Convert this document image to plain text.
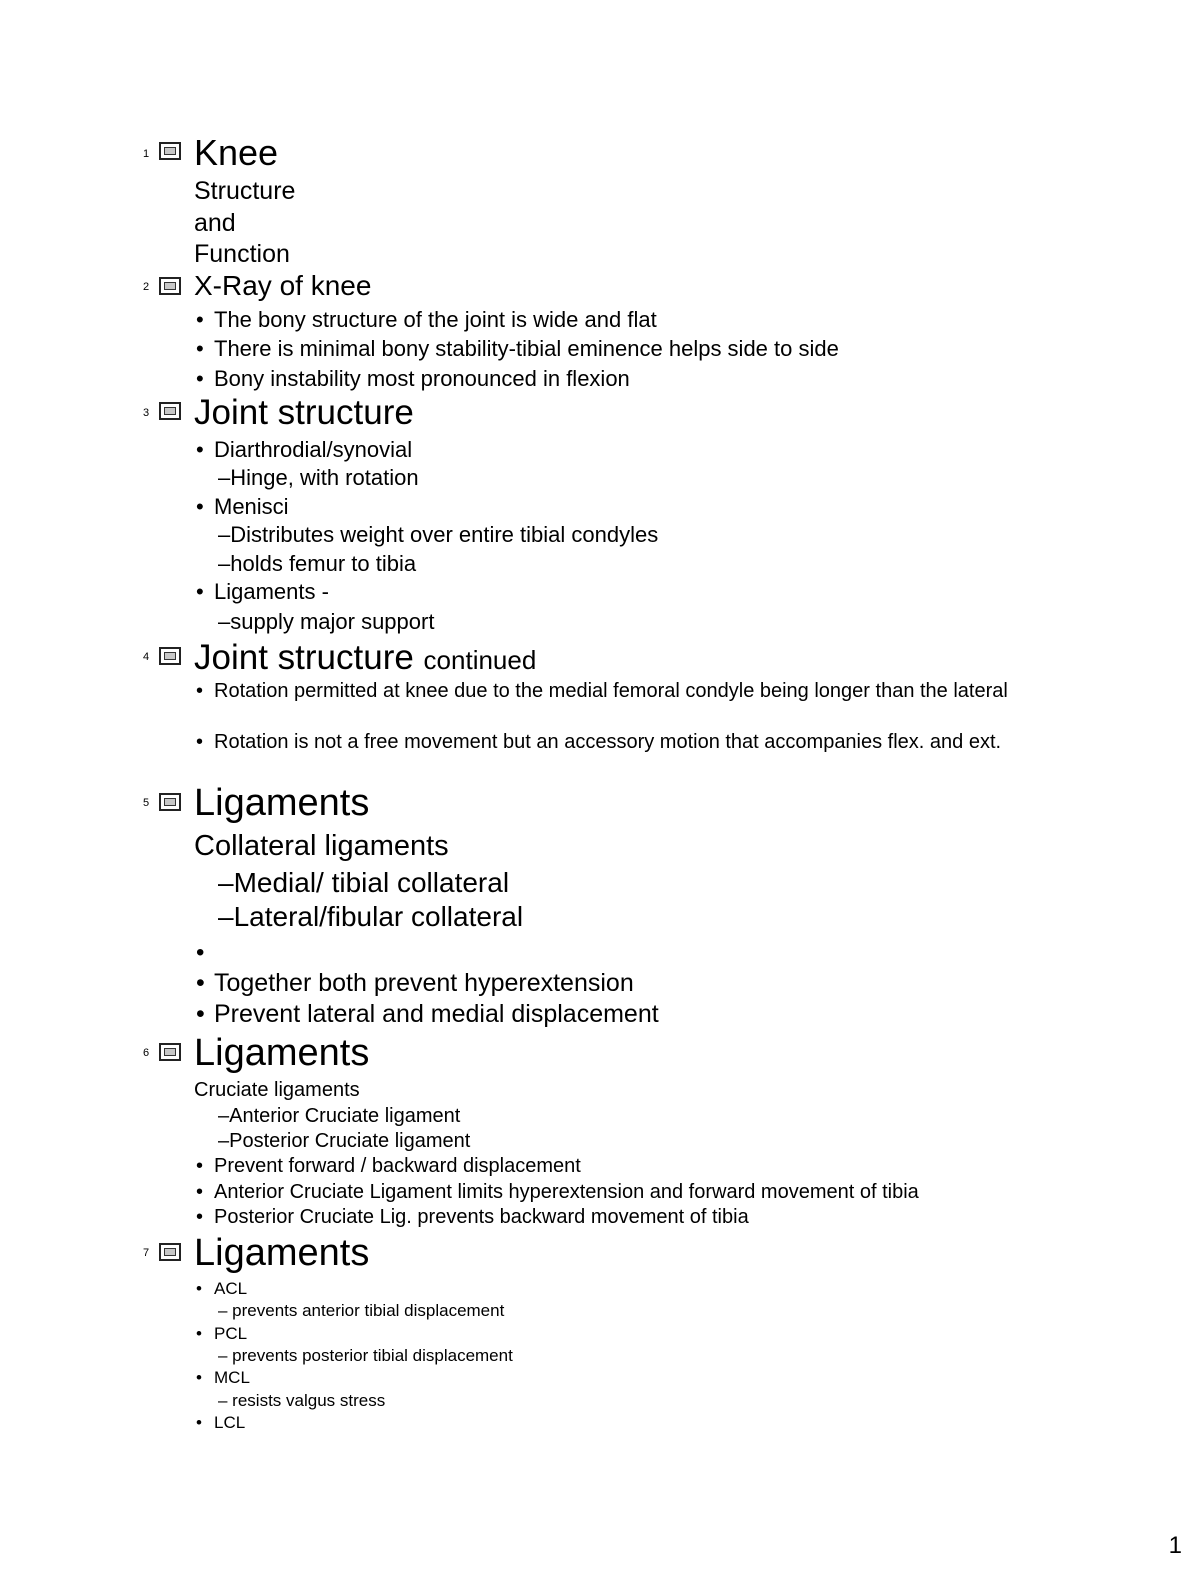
1 Knee
Structure
and
Function
2 X-Ray of knee
• The bony structure of the joint is wide and flat
• There is minimal bony stability-tibial eminence helps side to side
• Bony instability most pronounced in flexion
3 Joint structure
• Diarthrodial/synovial
–Hinge, with rotation
• Menisci
–Distributes weight over entire tibial condyles
–holds femur to tibia
• Ligaments -
–supply major support
4 Joint structure continued
• Rotation permitted at knee due to the medial femoral condyle being longer than the lateral
• Rotation is not a free movement but an accessory motion that accompanies flex. and ext.
5 Ligaments
Collateral ligaments
–Medial/ tibial collateral
–Lateral/fibular collateral
• Together both prevent hyperextension
• Prevent lateral and medial displacement
6 Ligaments
Cruciate ligaments
–Anterior Cruciate ligament
–Posterior Cruciate ligament
• Prevent forward / backward displacement
• Anterior Cruciate Ligament limits hyperextension and forward movement of tibia
• Posterior Cruciate Lig. prevents backward movement of tibia
7 Ligaments
• ACL
– prevents anterior tibial displacement
• PCL
– prevents posterior tibial displacement
• MCL
– resists valgus stress
• LCL
1
